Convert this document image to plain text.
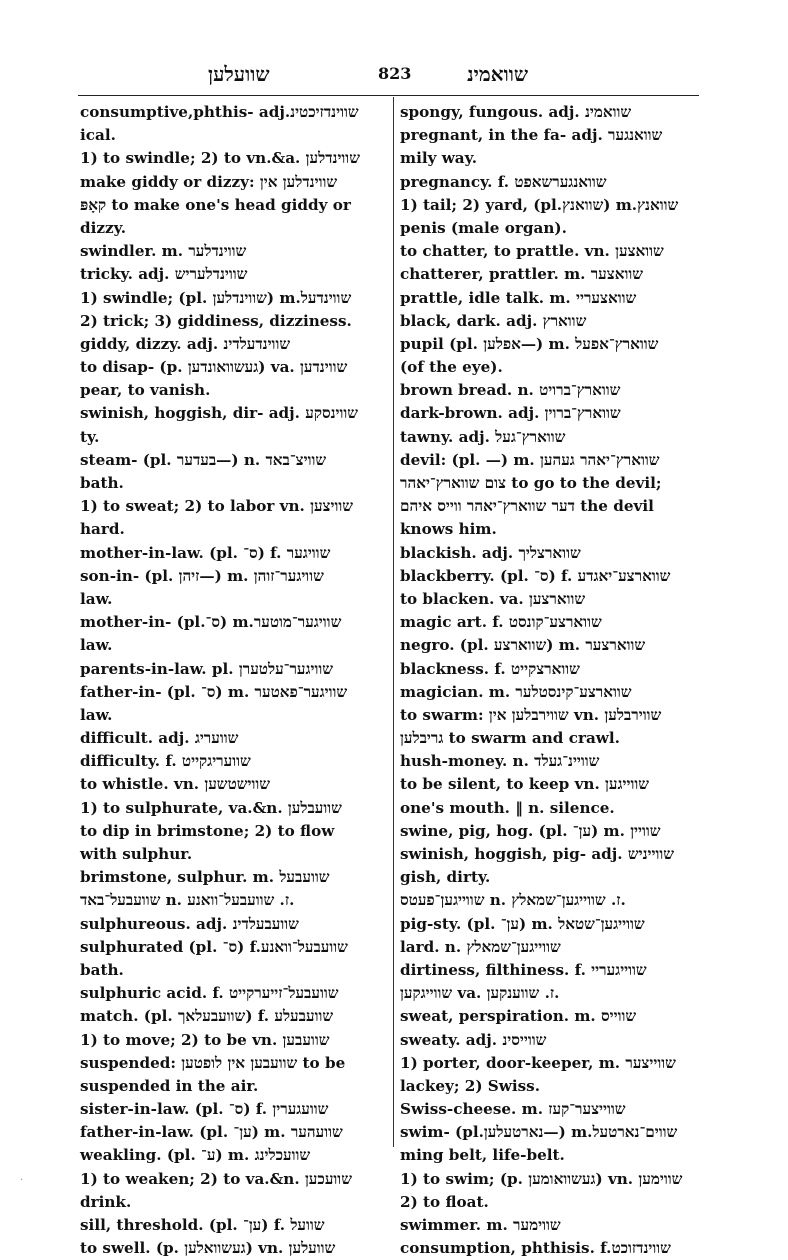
שוועלען	823	שוואמינ
consumptive,phthis- adj.שווינדזיכטינ
ical.
1) to swindle; 2) to vn.&a. שווינדלען
make giddy or dizzy: שווינדלען אין
קאָפּ to make one's head giddy or
dizzy.
swindler. m. שווינדלער
tricky. adj. שווינדלעריש
1) swindle; (pl. שווינדלען) m.שווינדעל
2) trick; 3) giddiness, dizziness.
giddy, dizzy. adj. שווינדעלדינ
to disap- (p. געשוואונדען) va. שווינדען
pear, to vanish.
swinish, hoggish, dir- adj. שווינסקע
ty.
steam- (pl. בעדער—) n. שוויצ־באד
bath.
1) to sweat; 2) to labor vn. שוויצען
hard.
mother-in-law. (pl. ס־) f. שוויגער
son-in- (pl. זיהן—) m. שוויגער־זוהן
law.
mother-in- (pl.ס־) m.שוויגער־מוטער
law.
parents-in-law. pl. שוויגער־עלטערן
father-in- (pl. ס־) m. שוויגער־פאטער
law.
difficult. adj. שוועריג
difficulty. f. שוועריגקייט
to whistle. vn. שווישטשען
1) to sulphurate, va.&n. שוועבלען
to dip in brimstone; 2) to flow
with sulphur.
brimstone, sulphur. m. שוועבעל
שוועבעל־באד n. ז. שוועבעל־וואנע.
sulphureous. adj. שוועבעלדינ
sulphurated (pl. ס־) f.שוועבעל־וואנע
bath.
sulphuric acid. f. שוועבעל־זייערקייט
match. (pl. שוועבעלאך) f. שוועבעלע
1) to move; 2) to be vn. שוועבען
suspended: שוועבען אין לופטען to be
suspended in the air.
sister-in-law. (pl. ס־) f. שוועגערין
father-in-law. (pl. ען־) m. שוועהער
weakling. (pl. ע־) m. שוועכלינג
1) to weaken; 2) to va.&n. שוועכען
drink.
sill, threshold. (pl. ען־) f. שוועל
to swell. (p. געשוואלען) vn. שוועלען
spongy, fungous. adj. שוואמינ
pregnant, in the fa- adj. שוואנגער
mily way.
pregnancy. f. שוואנגערשאפט
1) tail; 2) yard, (pl.שוואנץ) m.שוואנץ
penis (male organ).
to chatter, to prattle. vn. שוואצען
chatterer, prattler. m. שוואצער
prattle, idle talk. m. שוואצעריי
black, dark. adj. שווארץ
pupil (pl. אפלען—) m. שווארץ־אפעל
(of the eye).
brown bread. n. שווארץ־ברויט
dark-brown. adj. שווארץ־ברוין
tawny. adj. שווארץ־געל
devil: (pl. —) m. שווארץ־יאהר געהען
צום שווארץ־יאהר to go to the devil;
דער שווארץ־יאהר ווייס איהם the devil
knows him.
blackish. adj. שווארצליך
blackberry. (pl. ס־) f. שווארצע־יאגדע
to blacken. va. שווארצען
magic art. f. שווארצע־קונסט
negro. (pl. שווארצע) m. שווארצער
blackness. f. שווארצקייט
magician. m. שווארצע־קינסטלער
to swarm: שווירבלען אין vn. שווירבלען
גריבלען to swarm and crawl.
hush-money. n. שוויינ־געלד
to be silent, to keep vn. שווייגען
one's mouth. ‖ n. silence.
swine, pig, hog. (pl. ען־) m. שוויין
swinish, hoggish, pig- adj. שווייניש
gish, dirty.
שווייגען־פעטס n. ז. שווייגען־שמאלץ.
pig-sty. (pl. ען־) m. שווייגען־שטאל
lard. n. שווייגען־שמאלץ
dirtiness, filthiness. f. שווייגעריי
שווייגקען va. ז. שווענקען.
sweat, perspiration. m. שווייס
sweaty. adj. שווייסינ
1) porter, door-keeper, m. שווייצער
lackey; 2) Swiss.
Swiss-cheese. m. שווייצער־קעז
swim- (pl.נארטעלען—) m.שווים־נארטעל
ming belt, life-belt.
1) to swim; (p. געשוואומען) vn. שווימען
2) to float.
swimmer. m. שווימער
consumption, phthisis. f.שווינדזוכט
·
